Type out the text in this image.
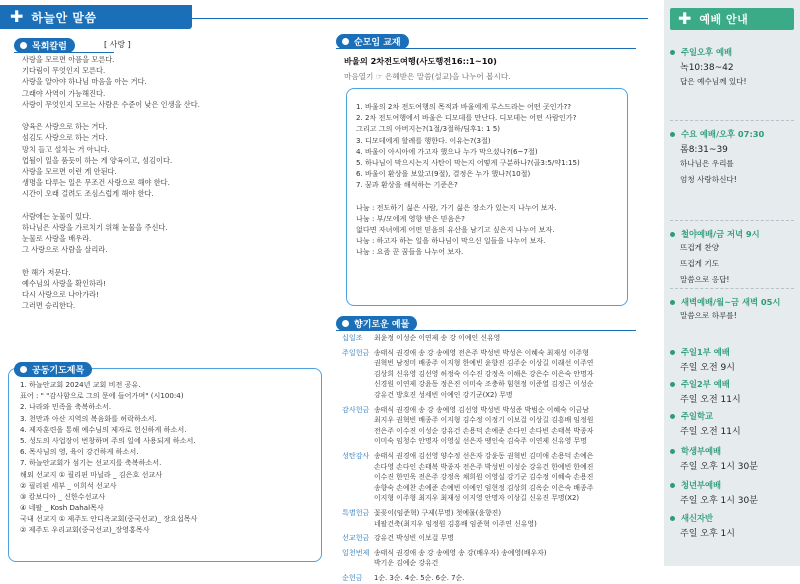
✚ 하늘안 말씀
목회칼럼	[ 사랑 ]
사랑을 모르면 아픔을 모른다.
기다림이 무엇인지 모른다.
사랑을 알아야 하나님 마음을 아는 거다.
그래야 사역이 가능해진다.
사랑이 무엇인지 모르는 사람은 수준이 낮은 인생을 산다.
양육은 사랑으로 하는 거다.
섬김도 사랑으로 하는 거다.
망치 들고 설치는 거 아니다.
업될이 일을 품듯이 하는 게 양육이고, 섬김이다.
사랑을 모르면 이런 게 안된다.
생명을 다루는 일은 무조건 사랑으로 해야 한다.
시간이 오래 걸려도 조심스럽게 해야 한다.
사람에는 눈물이 있다.
하나님은 사랑을 가르치기 위해 눈물을 주신다.
눈물로 사랑을 배우라.
그 사랑으로 사람을 살리라.
한 해가 저문다.
예수님의 사랑을 확인하라!
다시 사랑으로 나아가라!
그러면 승리한다.
공동기도제목
1. 하늘안교회 2024년 교회 비전 공유.
표어 : " "감사함으로 그의 문에 들어가며" (시100:4)
2. 나라와 민족을 축복하소서.
3. 천만과 아산 지역의 복음화를 허락하소서.
4. 제자훈련을 통해 예수님의 제자로 헌신하게 하소서.
5. 성도의 사업장이 번창하며 주의 일에 사용되게 하소서.
6. 목사님의 영, 육이 강건하게 하소서.
7. 하늘안교회가 섬기는 선교지를 축복하소서.
해외 선교지 ① 필리핀 마닐라 _ 김은호 선교사
② 필리핀 세부 _ 이희석 선교사
③ 캄보디아 _ 신한수선교사
④ 네팔 _ Kosh Dahal목사
국내 선교지 ① 제주도 안디옥교회(중국선교)_ 장요섭목사
② 제주도 우리교회(중국선교)_장영홍목사
순모임 교재
바울의 2차전도여행(사도행전16::1~10)
마음열기 ☞ 은혜받은 말씀(설교)을 나누어 봅시다.
1. 바울의 2차 전도여행의 목적과 바울에게 루스드라는 어떤 곳인가??
2. 2차 전도여행에서 바울은 디모데를 만난다. 디모데는 어떤 사람인가?
그리고 그의 아버지는?(1절/3절하/딤후1: 1 5)
3. 디모데에게 할례를 행한다. 이유는?(3절)
4. 바울이 아시아에 가고자 했으나 누가 막으셨나?(6~7절)
5. 하나님이 막으시는지 사탄이 막는지 어떻게 구분하나?(골3:5/약1:15)
6. 바울이 환상을 보았고(9절), 결정은 누가 했나?(10절)
7. 꿈과 환상을 해석하는 기준은?
나눔 : 전도하기 싫은 사람, 가기 싫은 장소가 있는지 나누어 보자.
나눔 : 부/모에게 영향 받은 믿음은?
없다면 자녀에게 어떤 믿음의 유산을 남기고 싶은지 나누어 보자.
나눔 : 하고자 하는 일을 하나님이 막으신 일들을 나누어 보자.
나눔 : 요즘 꾼 꿈들을 나누어 보자.
향기로운 예물
십일조 최윤정 이성순 이연제 송 강 이예인 신유영
주일헌금 송태식 권경애 송 강 송예영 전은주 박성빈 박성은 이혜숙 최재성 이주형
권혁빈 남정미 배종주 이지형 한예빈 윤향진 김주순 이상길 이래선 이주연
김상희 신유영 김선영 허정숙 이수진 강정옥 이해은 강은수 이은숙 안명자
신경원 이연제 강윤동 정은진 이미숙 조충하 힘현정 이준열 김정근 이성순
강유건 방호진 성세빈 이예인 강기군(X2) 무명
감사헌금 송태식 권경애 송 강 송예영 김선영 박성빈 박성준 박범순 이혜숙 이금남
최지우 권혁빈 배종주 이지형 김수정 이정기 이보걸 이상길 김흥배 임정원
전은주 이수진 이성순 강유건 손용덕 손예준 손다인 손다빈 손태복 박종자
이미숙 임청수 안명자 이영실 선은자 땡인숙 김숙주 이연제 신유영 무명
성탄감사 송태식 권경애 김선영 양수정 선은자 강윤동 권혁빈 김미애 손용덕 손예은
손다영 손다인 손태복 박종자 전은주 박성빈 이성순 강유건 한예빈 한예진
이수진 한민욱 전은주 강정옥 채희원 이영실 강기군 김수정 이혜숙 손용진
송향숙 손예찬 손예준 손예빈 이예인 임현정 김상희 김옥순 이은숙 배종주
이지형 이주형 최지우 최재성 이지영 안명자 이상길 신유진 무명(X2)
특별헌금 꽃꽂이(임준혁) 구제(무명) 첫예물(윤향진)
네팔건축(최지우 임정원 김흥배 임준혁 이주연 신유영)
선교헌금 강유건 박성빈 이보걸 무명
일천번제 송태식 권경애 송 강 송예영 송 강(배우자) 송예영(배우자)
박기운 김예순 강유건
순헌금 1순. 3순. 4순. 5순. 6순. 7순.
✚ 예배 안내
주일오후 예배
녹10:38~42
답은 예수님께 있다!
수요 예배/오후 07:30
롬8:31~39
하나님은 우리를
엄청 사랑하신다!
철야예배/금 저녁 9시
뜨겁게 찬양
뜨겁게 기도
말씀으로 응답!
새벽예배/월~금 새벽 05시
말씀으로 하루를!
주일1부 예배
주일 오전 9시
주일2부 예배
주일 오전 11시
주일학교
주일 오전 11시
학생부예배
주일 오후 1시 30분
청년부예배
주일 오후 1시 30분
새신자반
주일 오후 1시
